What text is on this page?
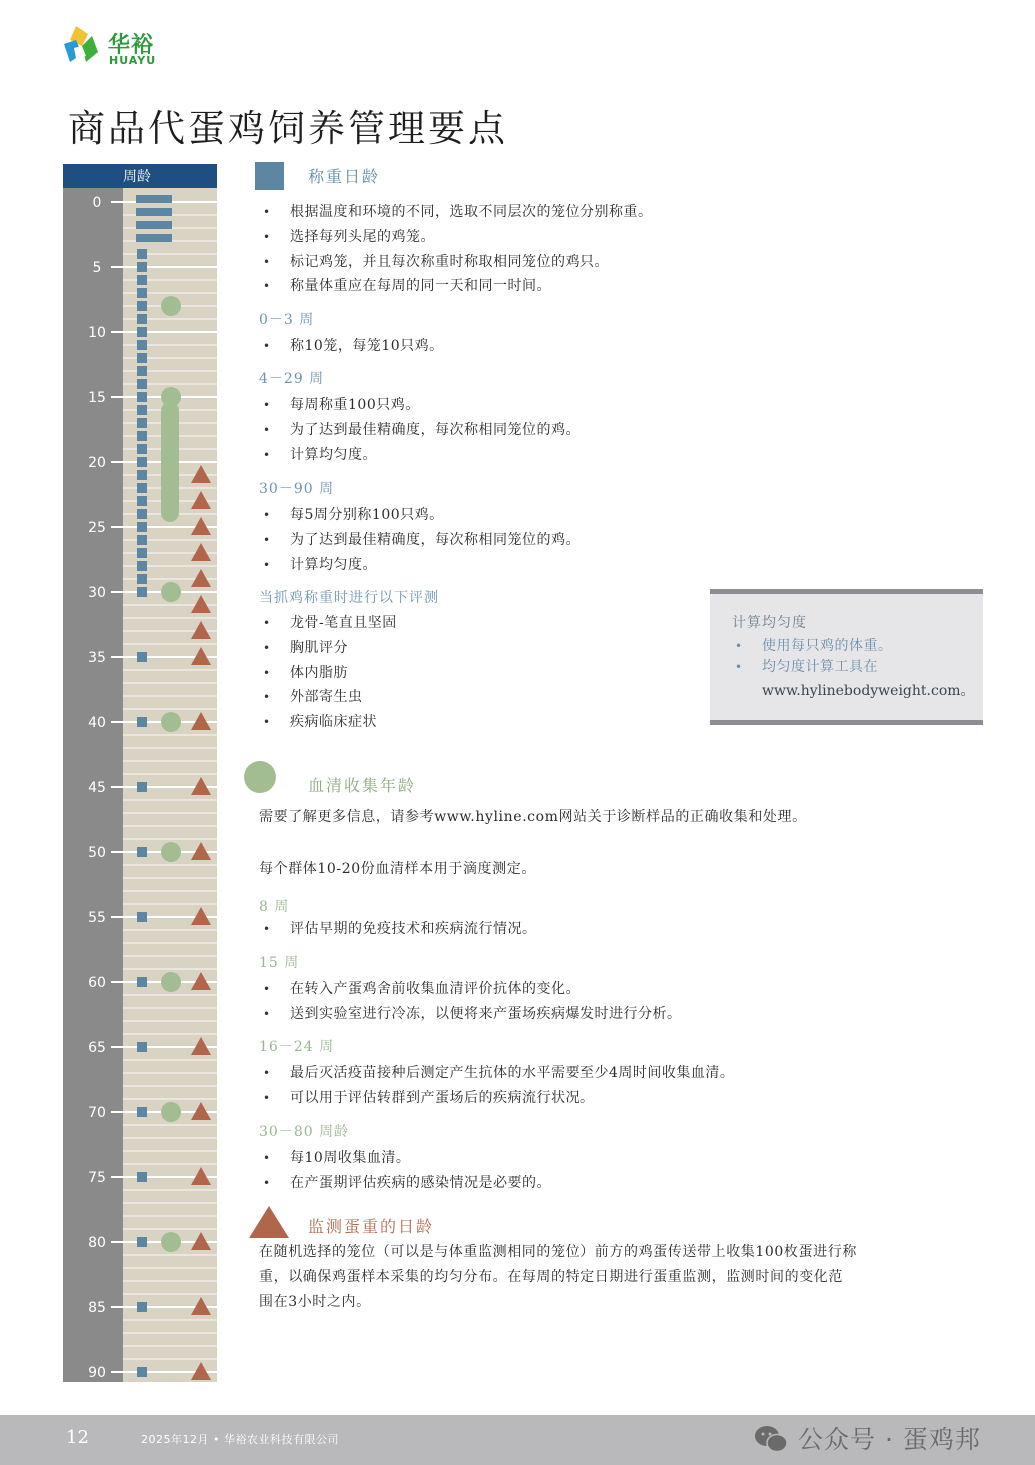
华裕
HUAYU
商品代蛋鸡饲养管理要点
周龄
0
5
10
15
20
25
30
35
40
45
50
55
60
65
70
75
80
85
90
称重日龄
• 根据温度和环境的不同，选取不同层次的笼位分别称重。
• 选择每列头尾的鸡笼。
• 标记鸡笼，并且每次称重时称取相同笼位的鸡只。
• 称量体重应在每周的同一天和同一时间。
0－3 周
• 称10笼，每笼10只鸡。
4－29 周
• 每周称重100只鸡。
• 为了达到最佳精确度，每次称相同笼位的鸡。
• 计算均匀度。
30－90 周
• 每5周分别称100只鸡。
• 为了达到最佳精确度，每次称相同笼位的鸡。
• 计算均匀度。
当抓鸡称重时进行以下评测
• 龙骨-笔直且坚固
• 胸肌评分
• 体内脂肪
• 外部寄生虫
• 疾病临床症状
计算均匀度
• 使用每只鸡的体重。
• 均匀度计算工具在
www.hylinebodyweight.com。
血清收集年龄
需要了解更多信息，请参考www.hyline.com网站关于诊断样品的正确收集和处理。
每个群体10-20份血清样本用于滴度测定。
8 周
• 评估早期的免疫技术和疾病流行情况。
15 周
• 在转入产蛋鸡舍前收集血清评价抗体的变化。
• 送到实验室进行冷冻，以便将来产蛋场疾病爆发时进行分析。
16－24 周
• 最后灭活疫苗接种后测定产生抗体的水平需要至少4周时间收集血清。
• 可以用于评估转群到产蛋场后的疾病流行状况。
30－80 周龄
• 每10周收集血清。
• 在产蛋期评估疾病的感染情况是必要的。
监测蛋重的日龄
在随机选择的笼位（可以是与体重监测相同的笼位）前方的鸡蛋传送带上收集100枚蛋进行称重，以确保鸡蛋样本采集的均匀分布。在每周的特定日期进行蛋重监测，监测时间的变化范围在3小时之内。
12	2025年12月 • 华裕农业科技有限公司	公众号 · 蛋鸡邦
